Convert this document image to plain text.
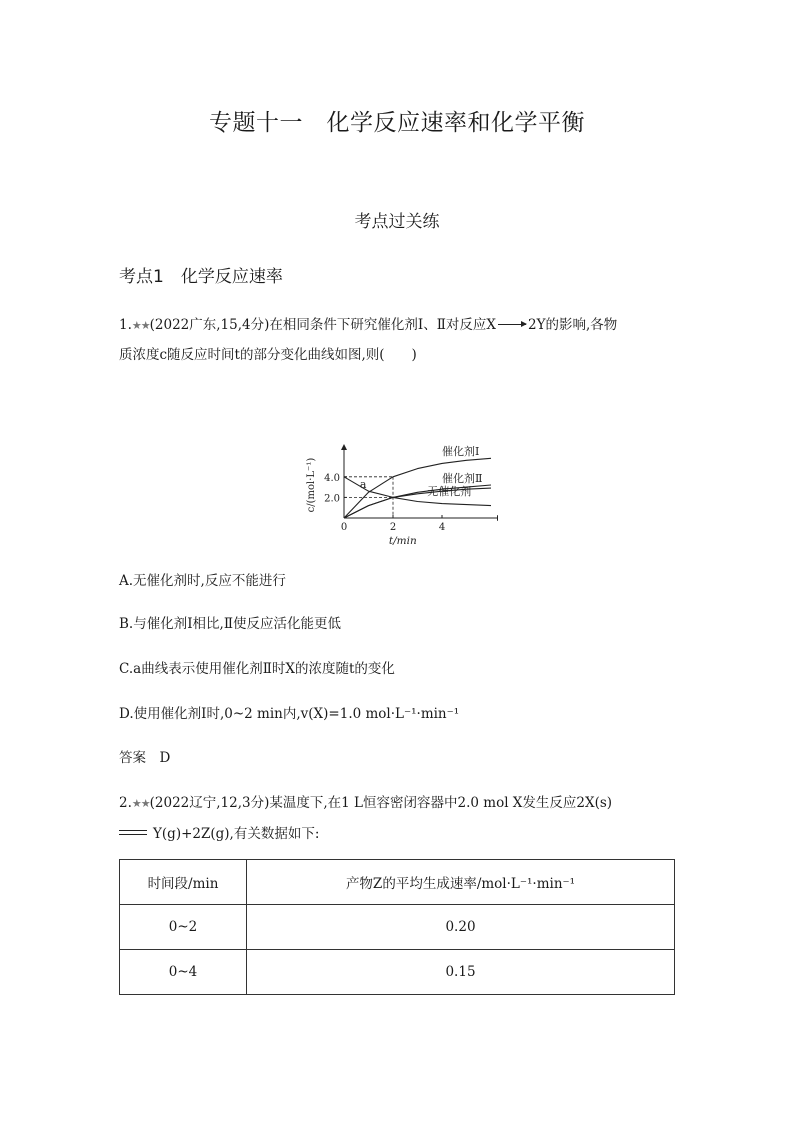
专题十一　化学反应速率和化学平衡
考点过关练
考点1　化学反应速率
1.★★(2022广东,15,4分)在相同条件下研究催化剂Ⅰ、Ⅱ对反应X 2Y的影响,各物
质浓度c随反应时间t的部分变化曲线如图,则(　　)
催化剂Ⅰ
催化剂Ⅱ
无催化剂
a
0	2	4
2.0
4.0
t/min
c/(mol·L⁻¹)
A.无催化剂时,反应不能进行
B.与催化剂Ⅰ相比,Ⅱ使反应活化能更低
C.a曲线表示使用催化剂Ⅱ时X的浓度随t的变化
D.使用催化剂Ⅰ时,0~2 min内,v(X)=1.0 mol·L⁻¹·min⁻¹
答案　D
2.★★(2022辽宁,12,3分)某温度下,在1 L恒容密闭容器中2.0 mol X发生反应2X(s)
Y(g)+2Z(g),有关数据如下:
时间段/min	产物Z的平均生成速率/mol·L⁻¹·min⁻¹
0~2	0.20
0~4	0.15
